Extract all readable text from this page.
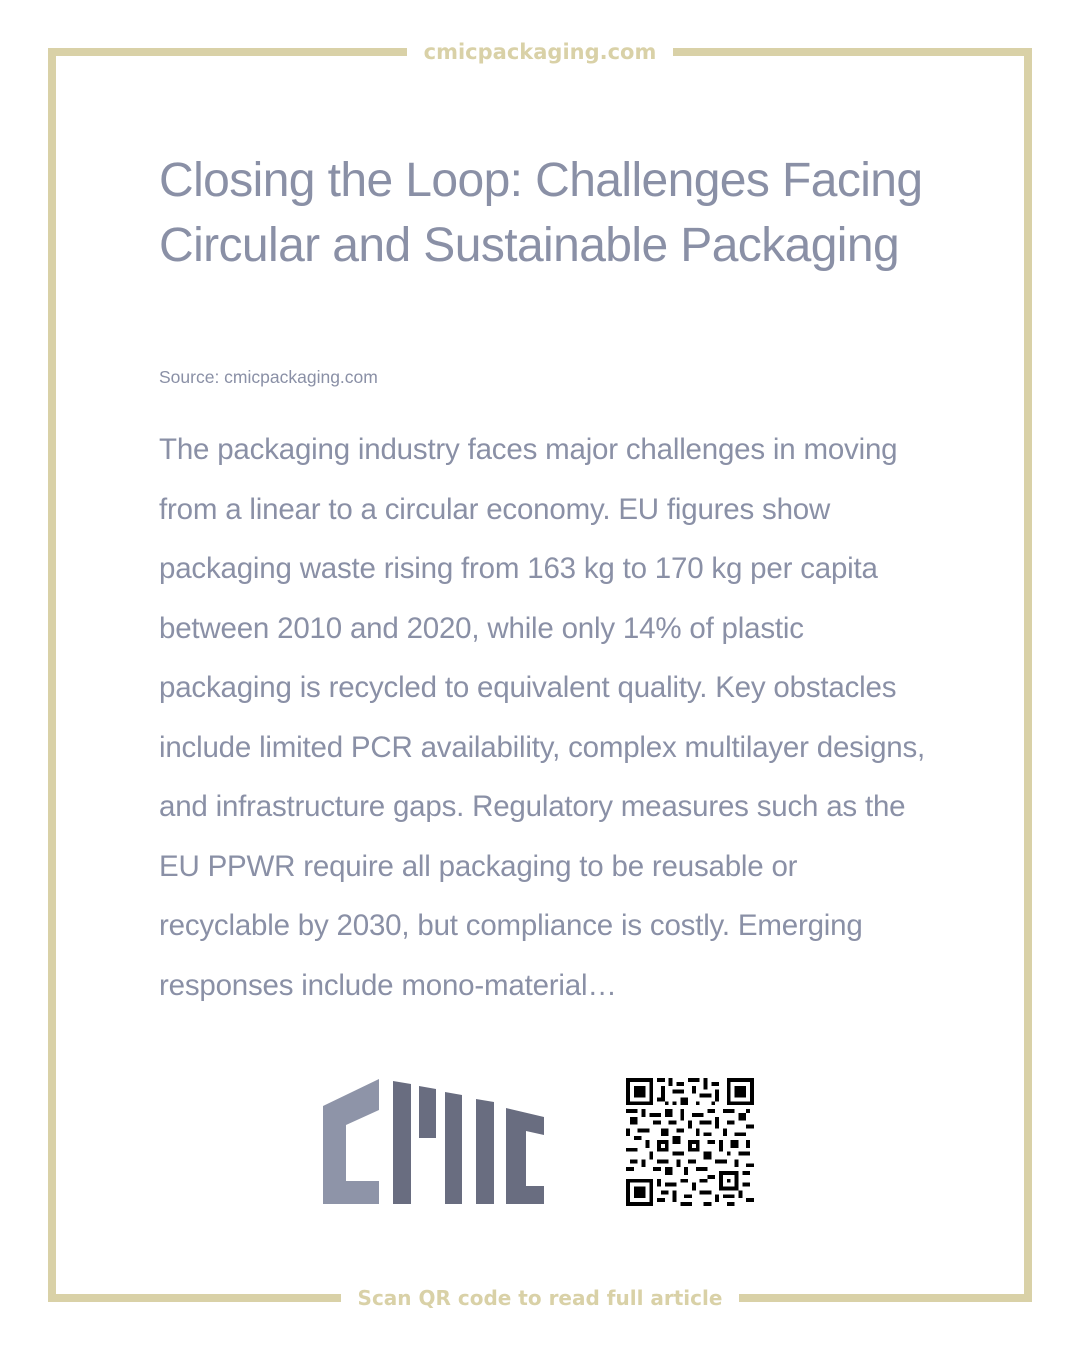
cmicpackaging.com
Closing the Loop: Challenges Facing Circular and Sustainable Packaging

Source: cmicpackaging.com

The packaging industry faces major challenges in moving from a linear to a circular economy. EU figures show packaging waste rising from 163 kg to 170 kg per capita between 2010 and 2020, while only 14% of plastic packaging is recycled to equivalent quality. Key obstacles include limited PCR availability, complex multilayer designs, and infrastructure gaps. Regulatory measures such as the EU PPWR require all packaging to be reusable or recyclable by 2030, but compliance is costly. Emerging responses include mono-material…

Scan QR code to read full article
